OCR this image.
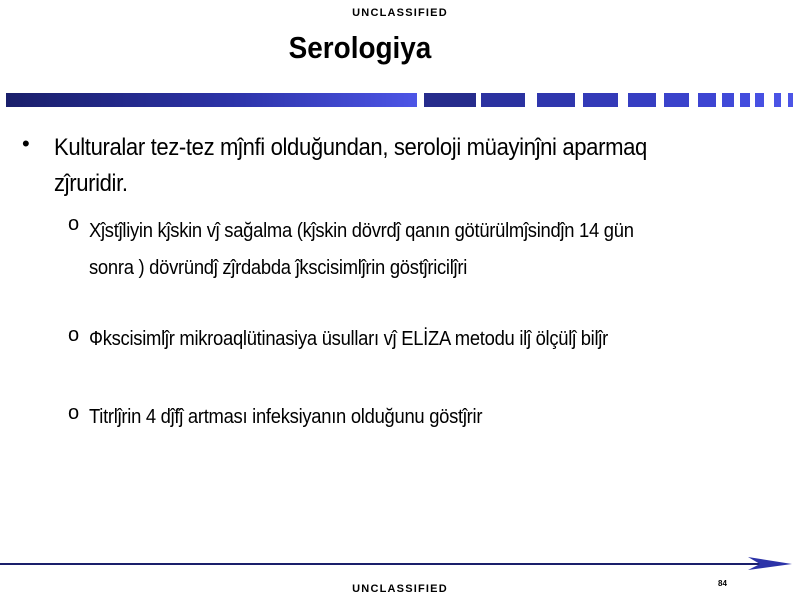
UNCLASSIFIED
Serologiya
• Kulturalar tez-tez mĵnfi olduğundan, seroloji müayinĵni aparmaq zĵruridir.
o Xĵstĵliyin kĵskin vĵ sağalma (kĵskin dövrdĵ qanın götürülmĵsindĵn 14 gün sonra ) dövründĵ zĵrdabda ĵkscisimlĵrin göstĵricilĵri
o Фkscisimlĵr mikroaqlütinasiya üsulları vĵ ELİZA metodu ilĵ ölçülĵ bilĵr
o Titrlĵrin 4 dĵfĵ artması infeksiyanın olduğunu göstĵrir
84
UNCLASSIFIED
